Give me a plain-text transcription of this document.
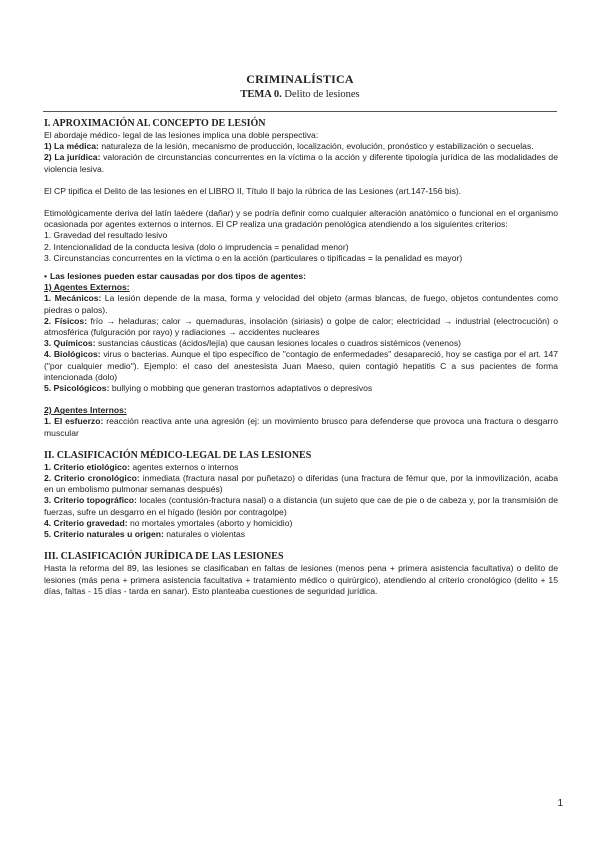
CRIMINALÍSTICA
TEMA 0. Delito de lesiones
I. APROXIMACIÓN AL CONCEPTO DE LESIÓN

El abordaje médico- legal de las lesiones implica una doble perspectiva:

1) La médica: naturaleza de la lesión, mecanismo de producción, localización, evolución, pronóstico y estabilización o secuelas.

2) La jurídica: valoración de circunstancias concurrentes en la víctima o la acción y diferente tipología jurídica de las modalidades de violencia lesiva.

El CP tipifica el Delito de las lesiones en el LIBRO II, Título II bajo la rúbrica de las Lesiones (art.147-156 bis).

Etimológicamente deriva del latín laèdere (dañar) y se podría definir como cualquier alteración anatómico o funcional en el organismo ocasionada por agentes externos o internos. El CP realiza una gradación penológica atendiendo a los siguientes criterios:

1. Gravedad del resultado lesivo

2. Intencionalidad de la conducta lesiva (dolo o imprudencia = penalidad menor)

3. Circunstancias concurrentes en la víctima o en la acción (particulares o tipificadas = la penalidad es mayor)

• Las lesiones pueden estar causadas por dos tipos de agentes:

1) Agentes Externos:

1. Mecánicos: La lesión depende de la masa, forma y velocidad del objeto (armas blancas, de fuego, objetos contundentes como piedras o palos).

2. Físicos: frío → heladuras; calor → quemaduras, insolación (siriasis) o golpe de calor; electricidad → industrial (electrocución) o atmosférica (fulguración por rayo) y radiaciones → accidentes nucleares

3. Químicos: sustancias cáusticas (ácidos/lejía) que causan lesiones locales o cuadros sistémicos (venenos)

4. Biológicos: virus o bacterias. Aunque el tipo específico de "contagio de enfermedades" desapareció, hoy se castiga por el art. 147 ("por cualquier medio"). Ejemplo: el caso del anestesista Juan Maeso, quien contagió hepatitis C a sus pacientes de forma intencionada (dolo)

5. Psicológicos: bullying o mobbing que generan trastornos adaptativos o depresivos

2) Agentes Internos:

1. El esfuerzo: reacción reactiva ante una agresión (ej: un movimiento brusco para defenderse que provoca una fractura o desgarro muscular

II. CLASIFICACIÓN MÉDICO-LEGAL DE LAS LESIONES

1. Criterio etiológico: agentes externos o internos

2. Criterio cronológico: inmediata (fractura nasal por puñetazo) o diferidas (una fractura de fémur que, por la inmovilización, acaba en un embolismo pulmonar semanas después)

3. Criterio topográfico: locales (contusión-fractura nasal) o a distancia (un sujeto que cae de pie o de cabeza y, por la transmisión de fuerzas, sufre un desgarro en el hígado (lesión por contragolpe)

4. Criterio gravedad: no mortales ymortales (aborto y homicidio)

5. Criterio naturales u origen: naturales o violentas

III. CLASIFICACIÓN JURÍDICA DE LAS LESIONES

Hasta la reforma del 89, las lesiones se clasificaban en faltas de lesiones (menos pena + primera asistencia facultativa) o delito de lesiones (más pena + primera asistencia facultativa + tratamiento médico o quirúrgico), atendiendo al criterio cronológico (delito + 15 días, faltas - 15 días - tarda en sanar). Esto planteaba cuestiones de seguridad jurídica.

1
